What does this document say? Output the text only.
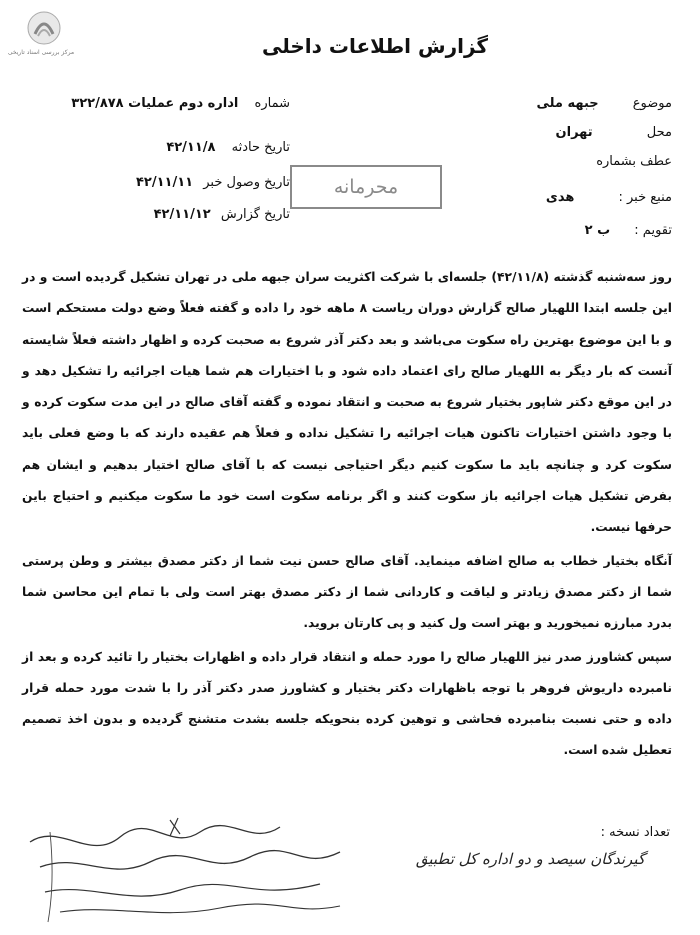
مرکز بررسی اسناد تاریخی	گزارش اطلاعات داخلی
موضوع جبهه ملی
محل تهران
عطف بشماره
منبع خبر : هدی
تقویم : ب ۲
شماره اداره دوم عملیات ۳۲۲/۸۷۸
تاریخ حادثه ۴۲/۱۱/۸
تاریخ وصول خبر ۴۲/۱۱/۱۱
تاریخ گزارش ۴۲/۱۱/۱۲
محرمانه

روز سه‌شنبه گذشته (۴۲/۱۱/۸) جلسه‌ای با شرکت اکثریت سران جبهه ملی در تهران تشکیل گردیده است و در این جلسه ابتدا اللهیار صالح گزارش دوران ریاست ۸ ماهه خود را داده و گفته فعلاً وضع دولت مستحکم است و با این موضوع بهترین راه سکوت می‌باشد و بعد دکتر آذر شروع به صحبت کرده و اظهار داشته فعلاً شایسته آنست که بار دیگر به اللهیار صالح رای اعتماد داده شود و با اختیارات هم شما هیات اجرائیه را تشکیل دهد و در این موقع دکتر شاپور بختیار شروع به صحبت و انتقاد نموده و گفته آقای صالح در این مدت سکوت کرده و با وجود داشتن اختیارات تاکنون هیات اجرائیه را تشکیل نداده و فعلاً هم عقیده دارند که با وضع فعلی باید سکوت کرد و چنانچه باید ما سکوت کنیم دیگر احتیاجی نیست که با آقای صالح اختیار بدهیم و ایشان هم بفرض تشکیل هیات اجرائیه باز سکوت کنند و اگر برنامه سکوت است خود ما سکوت میکنیم و احتیاج باین حرفها نیست.

آنگاه بختیار خطاب به صالح اضافه مینماید. آقای صالح حسن نیت شما از دکتر مصدق بیشتر و وطن پرستی شما از دکتر مصدق زیادتر و لیاقت و کاردانی شما از دکتر مصدق بهتر است ولی با تمام این محاسن شما بدرد مبارزه نمیخورید و بهتر است ول کنید و پی کارتان بروید.

سپس کشاورز صدر نیز اللهیار صالح را مورد حمله و انتقاد قرار داده و اظهارات بختیار را تائید کرده و بعد از نامبرده داریوش فروهر با توجه باظهارات دکتر بختیار و کشاورز صدر دکتر آذر را با شدت مورد حمله قرار داده و حتی نسبت بنامبرده فحاشی و توهین کرده بنحویکه جلسه بشدت متشنج گردیده و بدون اخذ تصمیم تعطیل شده است.

تعداد نسخه :
گیرندگان سیصد و دو اداره کل تطبیق
